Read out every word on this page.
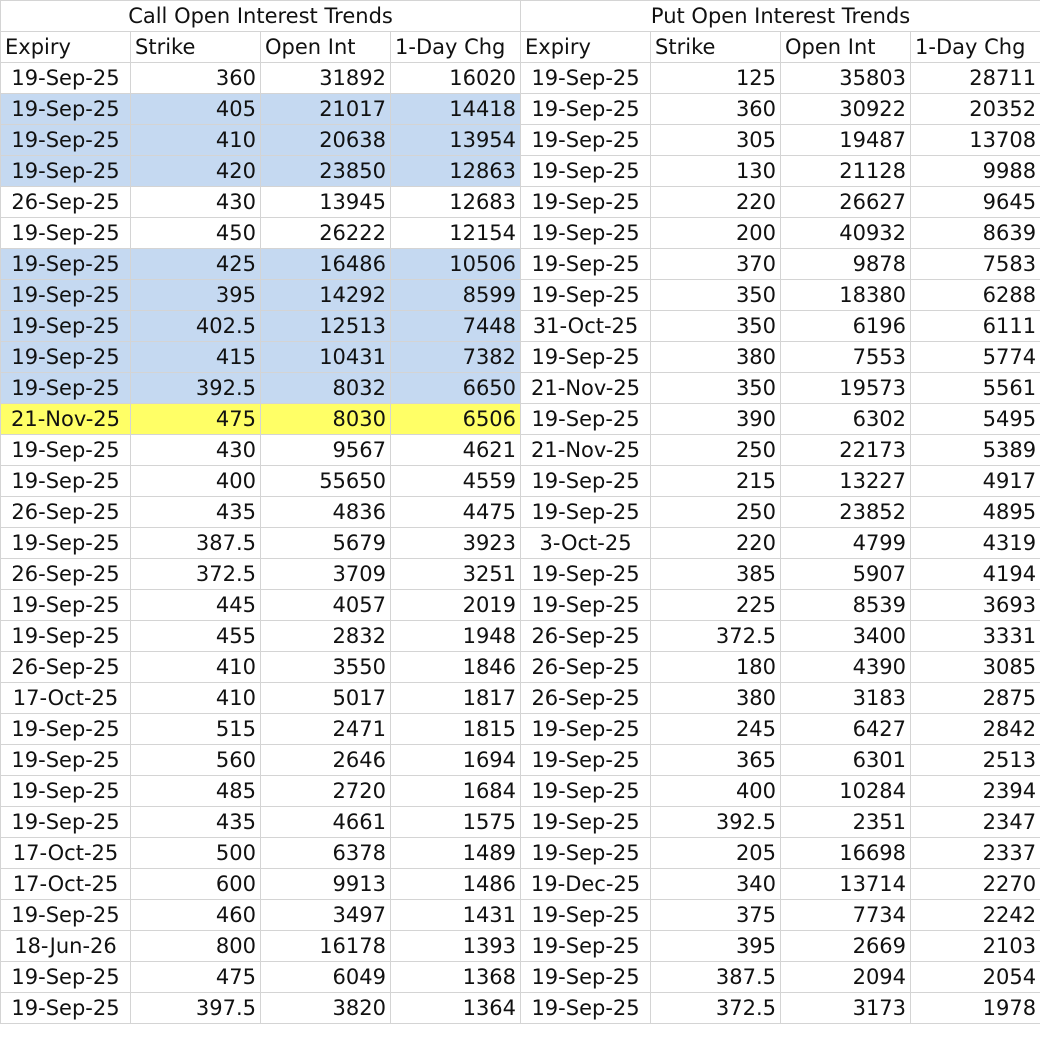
Call Open Interest Trends				Put Open Interest Trends			
Expiry	Strike	Open Int	1-Day Chg	Expiry	Strike	Open Int	1-Day Chg
19-Sep-25	360	31892	16020	19-Sep-25	125	35803	28711
19-Sep-25	405	21017	14418	19-Sep-25	360	30922	20352
19-Sep-25	410	20638	13954	19-Sep-25	305	19487	13708
19-Sep-25	420	23850	12863	19-Sep-25	130	21128	9988
26-Sep-25	430	13945	12683	19-Sep-25	220	26627	9645
19-Sep-25	450	26222	12154	19-Sep-25	200	40932	8639
19-Sep-25	425	16486	10506	19-Sep-25	370	9878	7583
19-Sep-25	395	14292	8599	19-Sep-25	350	18380	6288
19-Sep-25	402.5	12513	7448	31-Oct-25	350	6196	6111
19-Sep-25	415	10431	7382	19-Sep-25	380	7553	5774
19-Sep-25	392.5	8032	6650	21-Nov-25	350	19573	5561
21-Nov-25	475	8030	6506	19-Sep-25	390	6302	5495
19-Sep-25	430	9567	4621	21-Nov-25	250	22173	5389
19-Sep-25	400	55650	4559	19-Sep-25	215	13227	4917
26-Sep-25	435	4836	4475	19-Sep-25	250	23852	4895
19-Sep-25	387.5	5679	3923	3-Oct-25	220	4799	4319
26-Sep-25	372.5	3709	3251	19-Sep-25	385	5907	4194
19-Sep-25	445	4057	2019	19-Sep-25	225	8539	3693
19-Sep-25	455	2832	1948	26-Sep-25	372.5	3400	3331
26-Sep-25	410	3550	1846	26-Sep-25	180	4390	3085
17-Oct-25	410	5017	1817	26-Sep-25	380	3183	2875
19-Sep-25	515	2471	1815	19-Sep-25	245	6427	2842
19-Sep-25	560	2646	1694	19-Sep-25	365	6301	2513
19-Sep-25	485	2720	1684	19-Sep-25	400	10284	2394
19-Sep-25	435	4661	1575	19-Sep-25	392.5	2351	2347
17-Oct-25	500	6378	1489	19-Sep-25	205	16698	2337
17-Oct-25	600	9913	1486	19-Dec-25	340	13714	2270
19-Sep-25	460	3497	1431	19-Sep-25	375	7734	2242
18-Jun-26	800	16178	1393	19-Sep-25	395	2669	2103
19-Sep-25	475	6049	1368	19-Sep-25	387.5	2094	2054
19-Sep-25	397.5	3820	1364	19-Sep-25	372.5	3173	1978
